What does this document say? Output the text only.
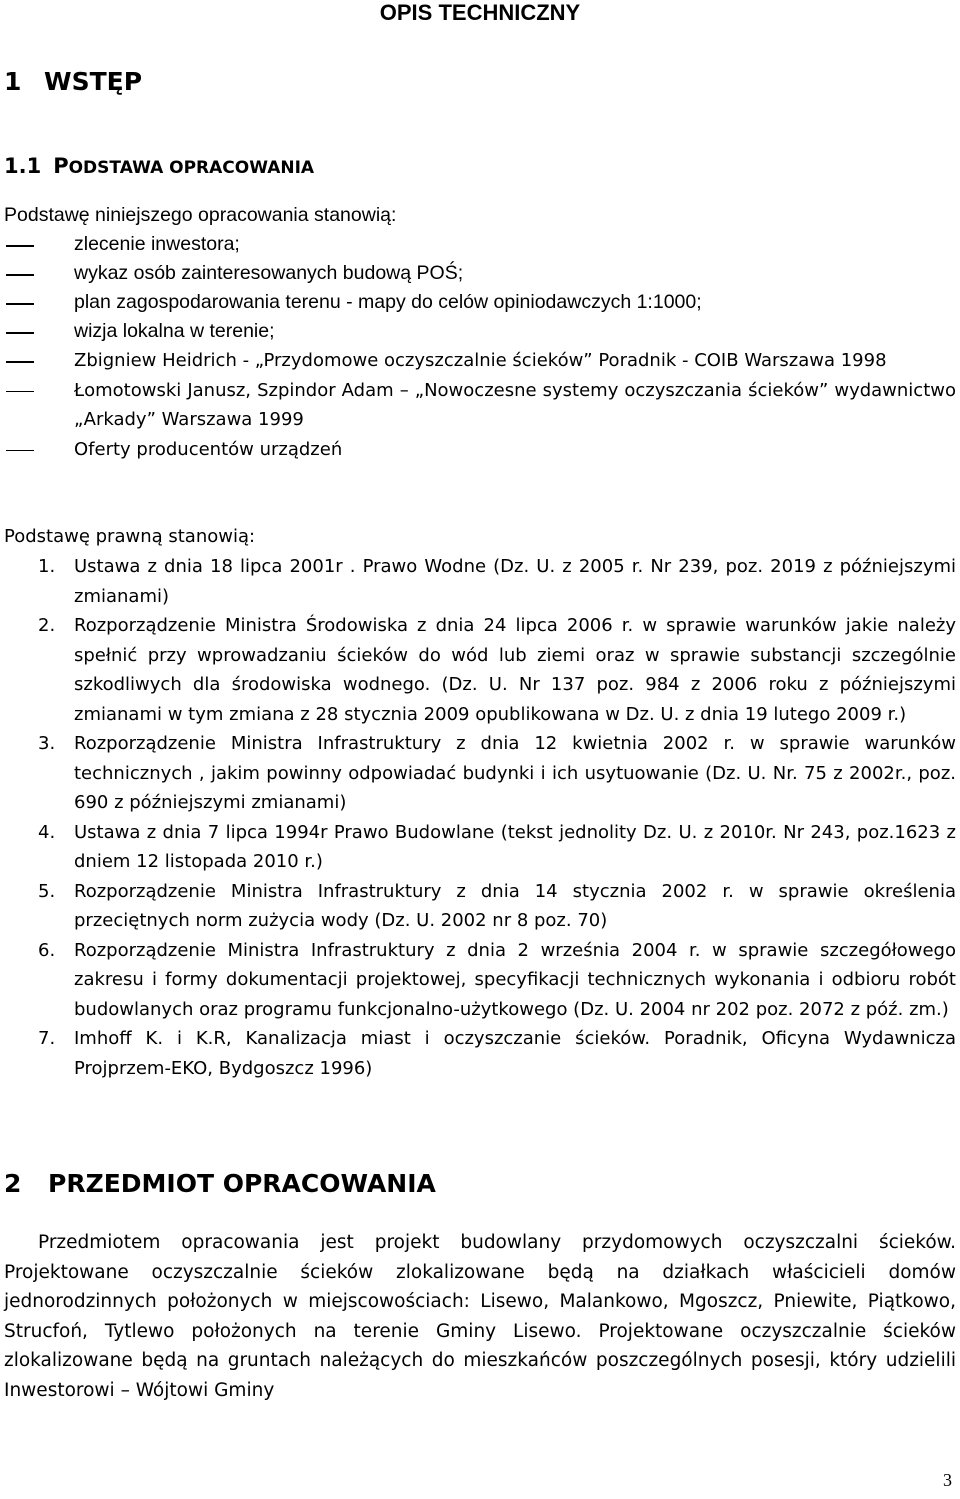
OPIS TECHNICZNY
1 WSTĘP
1.1 PODSTAWA OPRACOWANIA
Podstawę niniejszego opracowania stanowią:
zlecenie inwestora;
wykaz osób zainteresowanych budową POŚ;
plan zagospodarowania terenu - mapy do celów opiniodawczych 1:1000;
wizja lokalna w terenie;
Zbigniew Heidrich - „Przydomowe oczyszczalnie ścieków” Poradnik - COIB Warszawa 1998
Łomotowski Janusz, Szpindor Adam – „Nowoczesne systemy oczyszczania ścieków” wydawnictwo „Arkady” Warszawa 1999
Oferty producentów urządzeń
Podstawę prawną stanowią:
1. Ustawa z dnia 18 lipca 2001r . Prawo Wodne (Dz. U. z 2005 r. Nr 239, poz. 2019 z późniejszymi zmianami)
2. Rozporządzenie Ministra Środowiska z dnia 24 lipca 2006 r. w sprawie warunków jakie należy spełnić przy wprowadzaniu ścieków do wód lub ziemi oraz w sprawie substancji szczególnie szkodliwych dla środowiska wodnego. (Dz. U. Nr 137 poz. 984 z 2006 roku z późniejszymi zmianami w tym zmiana z 28 stycznia 2009 opublikowana w Dz. U. z dnia 19 lutego 2009 r.)
3. Rozporządzenie Ministra Infrastruktury z dnia 12 kwietnia 2002 r. w sprawie warunków technicznych , jakim powinny odpowiadać budynki i ich usytuowanie (Dz. U. Nr. 75 z 2002r., poz. 690 z późniejszymi zmianami)
4. Ustawa z dnia 7 lipca 1994r Prawo Budowlane (tekst jednolity Dz. U. z 2010r. Nr 243, poz.1623 z dniem 12 listopada 2010 r.)
5. Rozporządzenie Ministra Infrastruktury z dnia 14 stycznia 2002 r. w sprawie określenia przeciętnych norm zużycia wody (Dz. U. 2002 nr 8 poz. 70)
6. Rozporządzenie Ministra Infrastruktury z dnia 2 września 2004 r. w sprawie szczegółowego zakresu i formy dokumentacji projektowej, specyfikacji technicznych wykonania i odbioru robót budowlanych oraz programu funkcjonalno-użytkowego (Dz. U. 2004 nr 202 poz. 2072 z póź. zm.)
7. Imhoff K. i K.R, Kanalizacja miast i oczyszczanie ścieków. Poradnik, Oficyna Wydawnicza Projprzem-EKO, Bydgoszcz 1996)
2	PRZEDMIOT OPRACOWANIA
Przedmiotem opracowania jest projekt budowlany przydomowych oczyszczalni ścieków. Projektowane oczyszczalnie ścieków zlokalizowane będą na działkach właścicieli domów jednorodzinnych położonych w miejscowościach: Lisewo, Malankowo, Mgoszcz, Pniewite, Piątkowo, Strucfoń, Tytlewo położonych na terenie Gminy Lisewo. Projektowane oczyszczalnie ścieków zlokalizowane będą na gruntach należących do mieszkańców poszczególnych posesji, który udzielili Inwestorowi – Wójtowi Gminy
3
